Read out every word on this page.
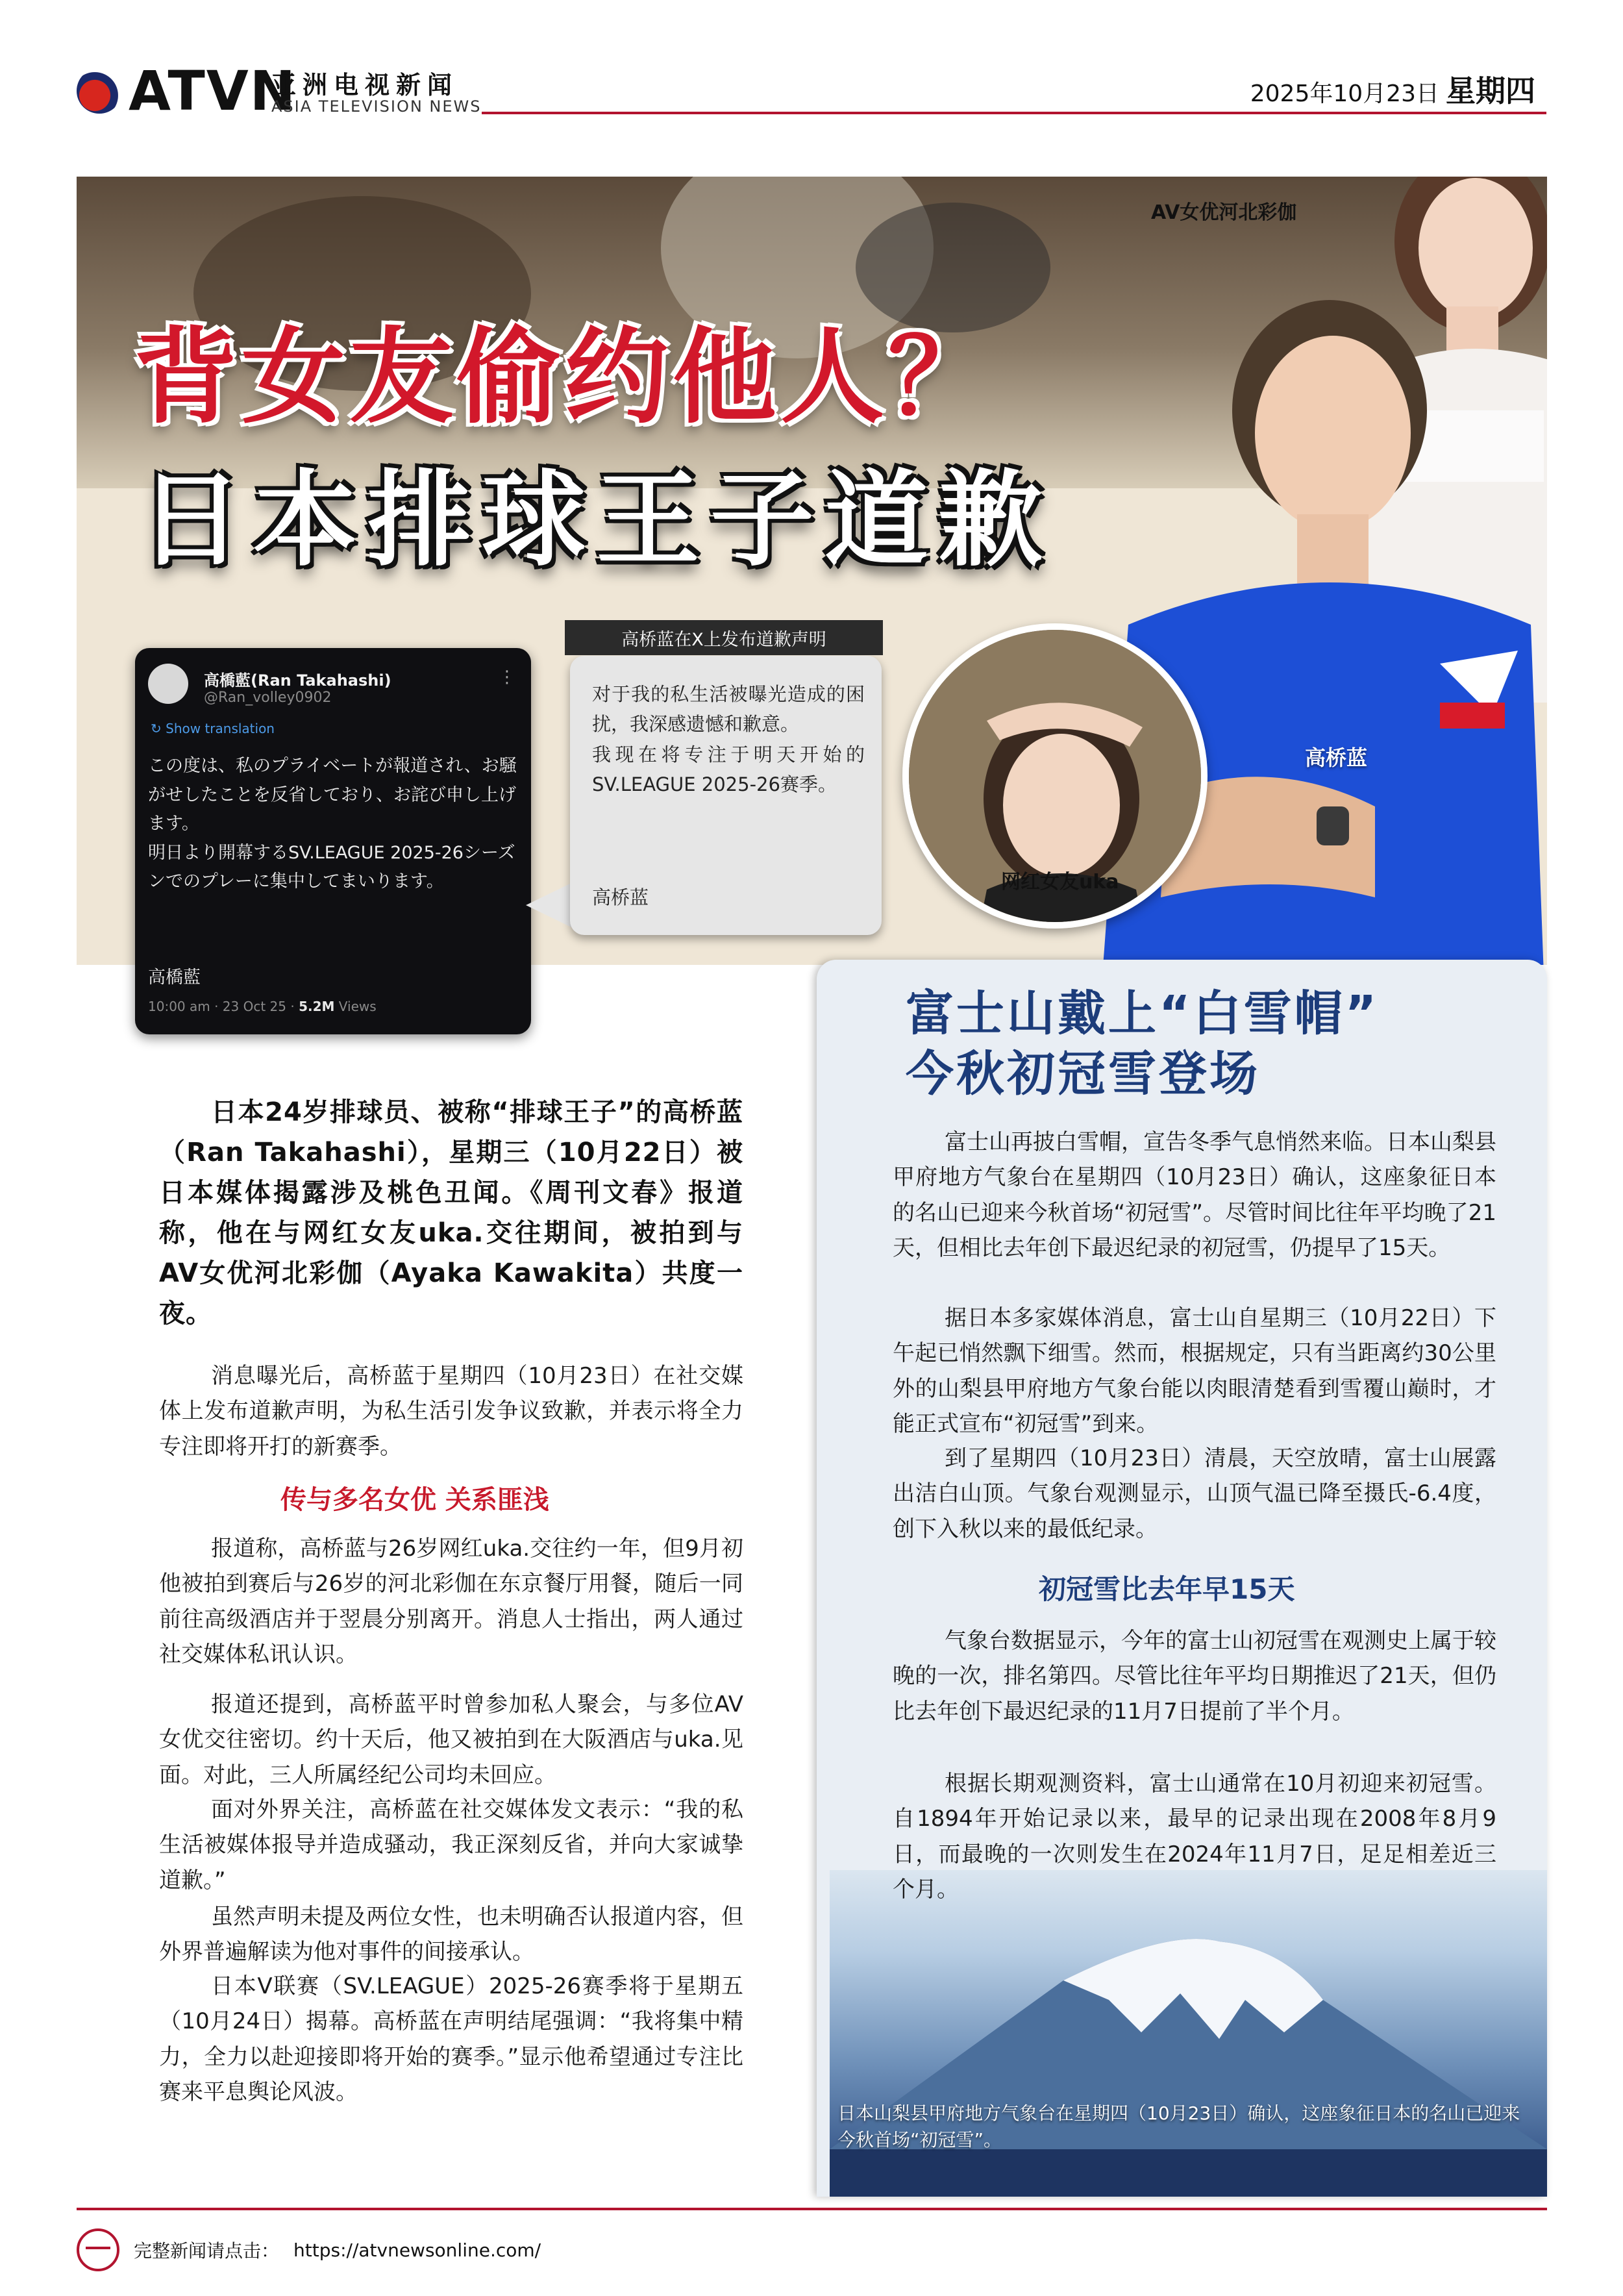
ATVN
亚洲电视新闻
ASIA TELEVISION NEWS	2025年10月23日 星期四
背女友偷约他人？
日本排球王子道歉
AV女优河北彩伽
高桥蓝
高橋藍(Ran Takahashi)
@Ran_volley0902
⋮
↻ Show translation
この度は、私のプライベートが報道され、お騒がせしたことを反省しており、お詫び申し上げます。
明日より開幕するSV.LEAGUE 2025-26シーズンでのプレーに集中してまいります。
高橋藍
10:00 am · 23 Oct 25 · 5.2M Views
对于我的私生活被曝光造成的困扰，我深感遗憾和歉意。
我现在将专注于明天开始的SV.LEAGUE 2025-26赛季。
高桥蓝
高桥蓝在X上发布道歉声明
网红女友uka
日本24岁排球员、被称“排球王子”的高桥蓝（Ran Takahashi），星期三（10月22日）被日本媒体揭露涉及桃色丑闻。《周刊文春》报道称，他在与网红女友uka.交往期间，被拍到与AV女优河北彩伽（Ayaka Kawakita）共度一夜。
消息曝光后，高桥蓝于星期四（10月23日）在社交媒体上发布道歉声明，为私生活引发争议致歉，并表示将全力专注即将开打的新赛季。
传与多名女优 关系匪浅
报道称，高桥蓝与26岁网红uka.交往约一年，但9月初他被拍到赛后与26岁的河北彩伽在东京餐厅用餐，随后一同前往高级酒店并于翌晨分别离开。消息人士指出，两人通过社交媒体私讯认识。
报道还提到，高桥蓝平时曾参加私人聚会，与多位AV女优交往密切。约十天后，他又被拍到在大阪酒店与uka.见面。对此，三人所属经纪公司均未回应。
面对外界关注，高桥蓝在社交媒体发文表示：“我的私生活被媒体报导并造成骚动，我正深刻反省，并向大家诚挚道歉。”
虽然声明未提及两位女性，也未明确否认报道内容，但外界普遍解读为他对事件的间接承认。
日本V联赛（SV.LEAGUE）2025-26赛季将于星期五（10月24日）揭幕。高桥蓝在声明结尾强调：“我将集中精力，全力以赴迎接即将开始的赛季。”显示他希望通过专注比赛来平息舆论风波。
富士山戴上“白雪帽”
今秋初冠雪登场
富士山再披白雪帽，宣告冬季气息悄然来临。日本山梨县甲府地方气象台在星期四（10月23日）确认，这座象征日本的名山已迎来今秋首场“初冠雪”。尽管时间比往年平均晚了21天，但相比去年创下最迟纪录的初冠雪，仍提早了15天。
据日本多家媒体消息，富士山自星期三（10月22日）下午起已悄然飘下细雪。然而，根据规定，只有当距离约30公里外的山梨县甲府地方气象台能以肉眼清楚看到雪覆山巅时，才能正式宣布“初冠雪”到来。
到了星期四（10月23日）清晨，天空放晴，富士山展露出洁白山顶。气象台观测显示，山顶气温已降至摄氏-6.4度，创下入秋以来的最低纪录。
初冠雪比去年早15天
气象台数据显示，今年的富士山初冠雪在观测史上属于较晚的一次，排名第四。尽管比往年平均日期推迟了21天，但仍比去年创下最迟纪录的11月7日提前了半个月。
根据长期观测资料，富士山通常在10月初迎来初冠雪。自1894年开始记录以来，最早的记录出现在2008年8月9日，而最晚的一次则发生在2024年11月7日，足足相差近三个月。
日本山梨县甲府地方气象台在星期四（10月23日）确认，这座象征日本的名山已迎来今秋首场“初冠雪”。
完整新闻请点击： https://atvnewsonline.com/
